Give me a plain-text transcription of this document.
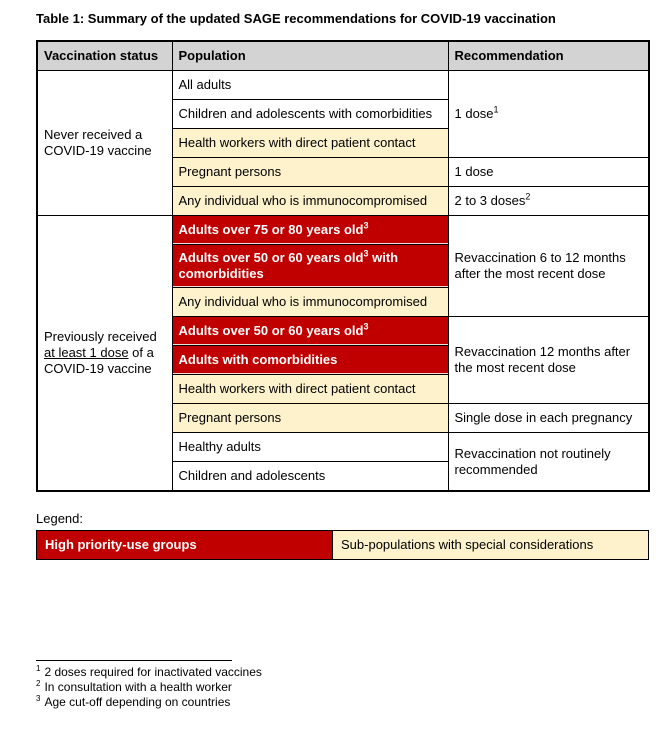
Table 1: Summary of the updated SAGE recommendations for COVID-19 vaccination
Vaccination status	Population	Recommendation
Never received a COVID-19 vaccine	All adults	1 dose$^1$
	Children and adolescents with comorbidities	
	Health workers with direct patient contact	
	Pregnant persons	1 dose
	Any individual who is immunocompromised	2 to 3 doses$^2$
Previously received at least 1 dose of a COVID-19 vaccine	Adults over 75 or 80 years old$^3$	Revaccination 6 to 12 months after the most recent dose
	Adults over 50 or 60 years old$^3$ with comorbidities	
	Any individual who is immunocompromised	
	Adults over 50 or 60 years old$^3$	Revaccination 12 months after the most recent dose
	Adults with comorbidities	
	Health workers with direct patient contact	
	Pregnant persons	Single dose in each pregnancy
	Healthy adults	Revaccination not routinely recommended
	Children and adolescents	
Legend:
High priority-use groups	Sub-populations with special considerations
$^1$ 2 doses required for inactivated vaccines
$^2$ In consultation with a health worker
$^3$ Age cut-off depending on countries
